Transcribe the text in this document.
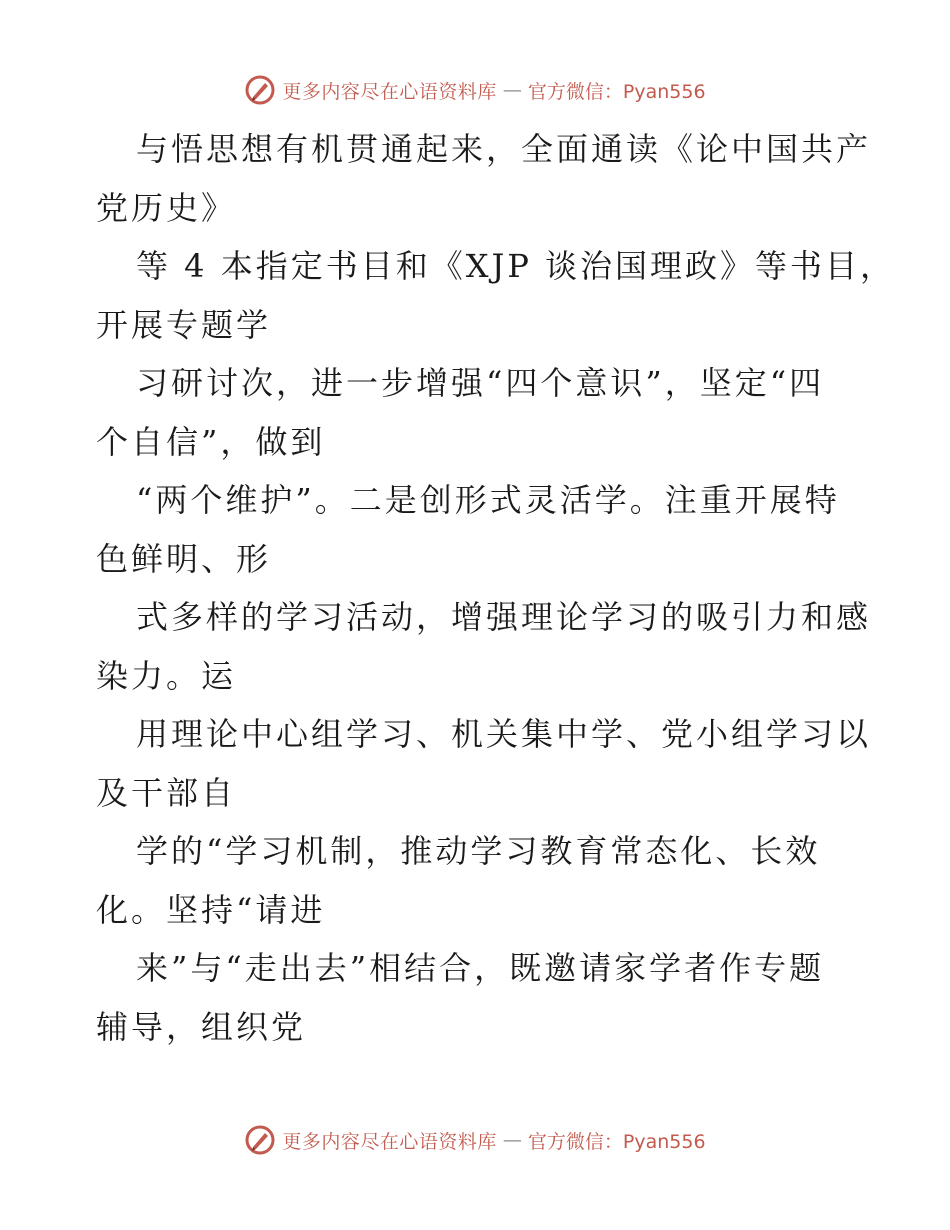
更多内容尽在心语资料库 — 官方微信：Pyan556
与悟思想有机贯通起来，全面通读《论中国共产
党历史》
等 4 本指定书目和《XJP 谈治国理政》等书目，
开展专题学
习研讨次，进一步增强“四个意识”，坚定“四
个自信”，做到
“两个维护”。二是创形式灵活学。注重开展特
色鲜明、形
式多样的学习活动，增强理论学习的吸引力和感
染力。运
用理论中心组学习、机关集中学、党小组学习以
及干部自
学的“学习机制，推动学习教育常态化、长效
化。坚持“请进
来”与“走出去”相结合，既邀请家学者作专题
辅导，组织党
更多内容尽在心语资料库 — 官方微信：Pyan556
